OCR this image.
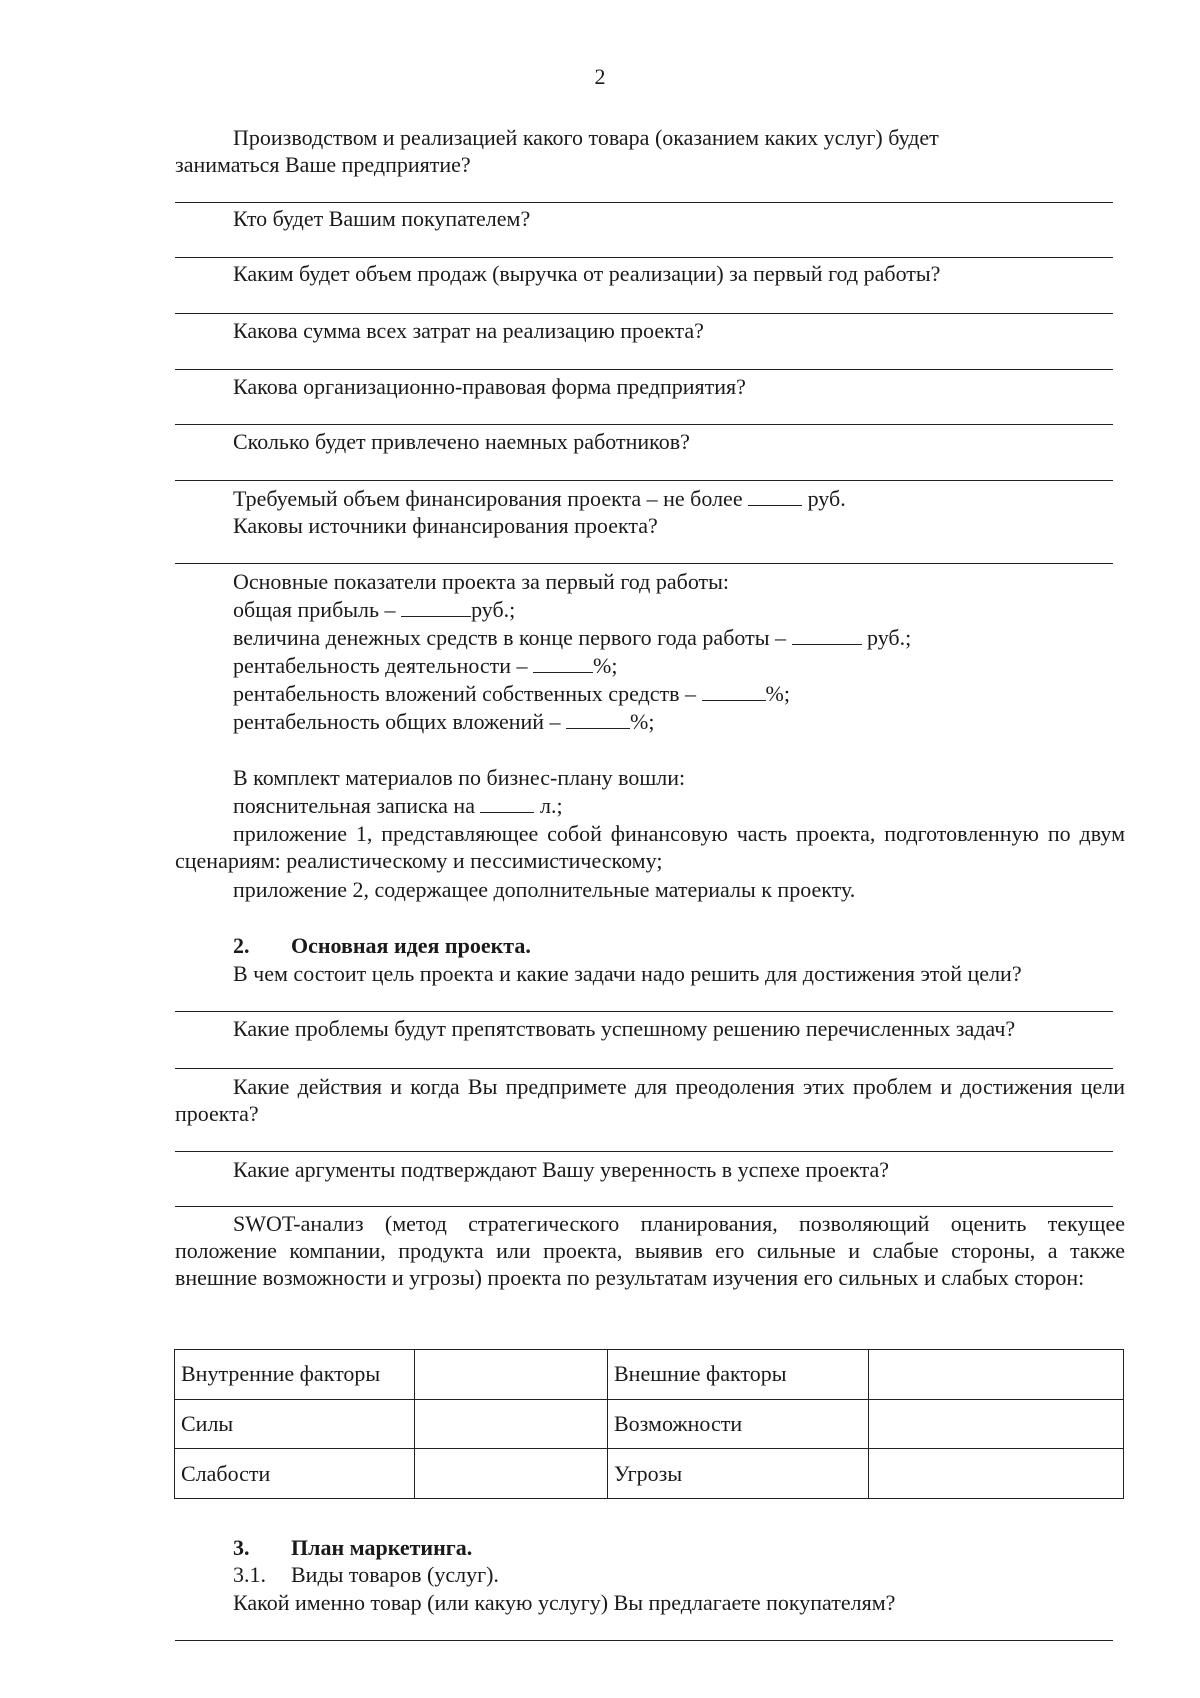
2
Производством и реализацией какого товара (оказанием каких услуг) будет
заниматься Ваше предприятие?
Кто будет Вашим покупателем?
Каким будет объем продаж (выручка от реализации) за первый год работы?
Какова сумма всех затрат на реализацию проекта?
Какова организационно-правовая форма предприятия?
Сколько будет привлечено наемных работников?
Требуемый объем финансирования проекта – не более	руб.
Каковы источники финансирования проекта?
Основные показатели проекта за первый год работы:
общая прибыль –	руб.;
величина денежных средств в конце первого года работы –	руб.;
рентабельность деятельности –	%;
рентабельность вложений собственных средств –	%;
рентабельность общих вложений –	%;
В комплект материалов по бизнес-плану вошли:
пояснительная записка на	л.;
приложение 1, представляющее собой финансовую часть проекта, подготовленную по двум сценариям: реалистическому и пессимистическому;
приложение 2, содержащее дополнительные материалы к проекту.
2. Основная идея проекта.
В чем состоит цель проекта и какие задачи надо решить для достижения этой цели?
Какие проблемы будут препятствовать успешному решению перечисленных задач?
Какие действия и когда Вы предпримете для преодоления этих проблем и достижения цели проекта?
Какие аргументы подтверждают Вашу уверенность в успехе проекта?
SWOT-анализ (метод стратегического планирования, позволяющий оценить текущее положение компании, продукта или проекта, выявив его сильные и слабые стороны, а также внешние возможности и угрозы) проекта по результатам изучения его сильных и слабых сторон:
Внутренние факторы		Внешние факторы	
Силы		Возможности	
Слабости		Угрозы	
3. План маркетинга.
3.1. Виды товаров (услуг).
Какой именно товар (или какую услугу) Вы предлагаете покупателям?
